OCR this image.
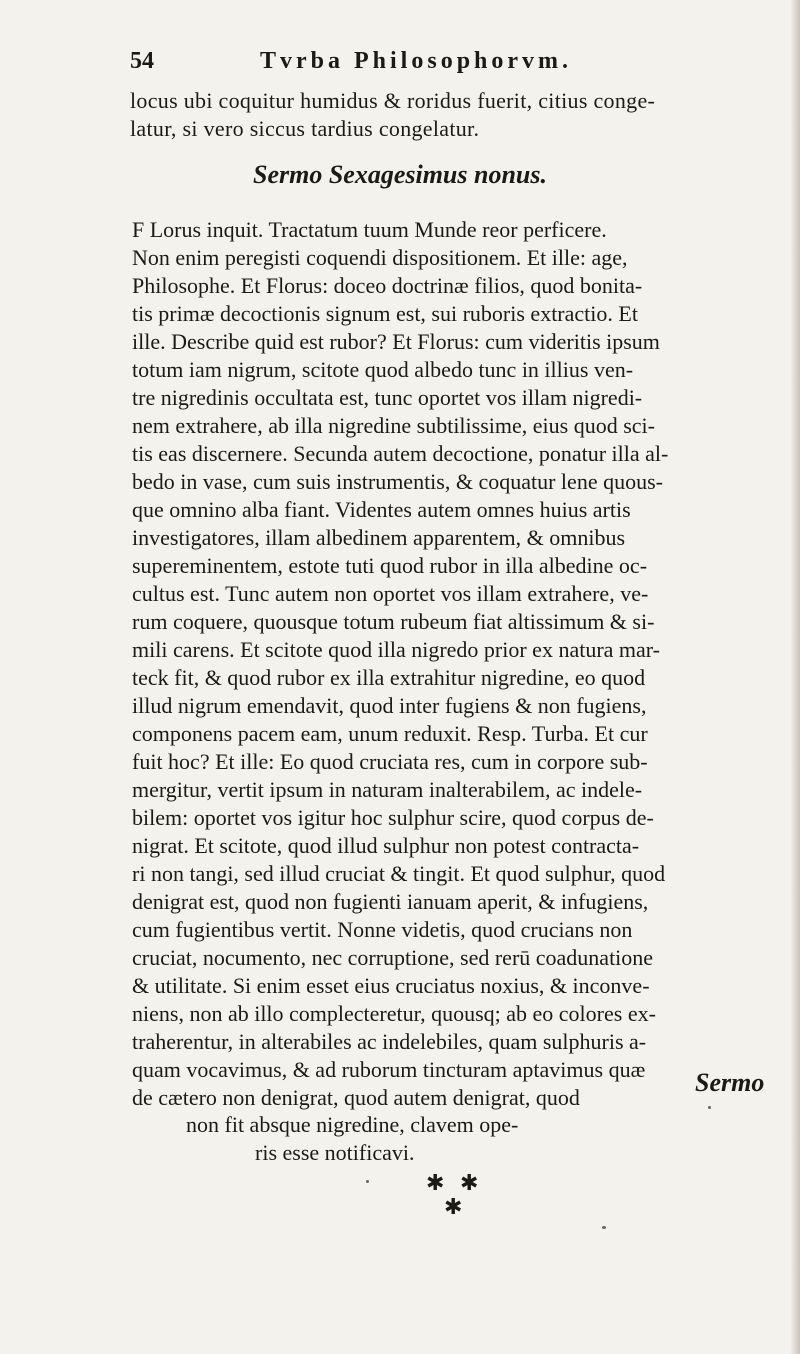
54	Tvrba Philosophorvm.
locus ubi coquitur humidus & roridus fuerit, citius conge-
latur, si vero siccus tardius congelatur.
Sermo Sexagesimus nonus.
F Lorus inquit. Tractatum tuum Munde reor perficere.
Non enim peregisti coquendi dispositionem. Et ille: age,
Philosophe. Et Florus: doceo doctrinæ filios, quod bonita-
tis primæ decoctionis signum est, sui ruboris extractio. Et
ille. Describe quid est rubor? Et Florus: cum videritis ipsum
totum iam nigrum, scitote quod albedo tunc in illius ven-
tre nigredinis occultata est, tunc oportet vos illam nigredi-
nem extrahere, ab illa nigredine subtilissime, eius quod sci-
tis eas discernere. Secunda autem decoctione, ponatur illa al-
bedo in vase, cum suis instrumentis, & coquatur lene quous-
que omnino alba fiant. Videntes autem omnes huius artis
investigatores, illam albedinem apparentem, & omnibus
supereminentem, estote tuti quod rubor in illa albedine oc-
cultus est. Tunc autem non oportet vos illam extrahere, ve-
rum coquere, quousque totum rubeum fiat altissimum & si-
mili carens. Et scitote quod illa nigredo prior ex natura mar-
teck fit, & quod rubor ex illa extrahitur nigredine, eo quod
illud nigrum emendavit, quod inter fugiens & non fugiens,
componens pacem eam, unum reduxit. Resp. Turba. Et cur
fuit hoc? Et ille: Eo quod cruciata res, cum in corpore sub-
mergitur, vertit ipsum in naturam inalterabilem, ac indele-
bilem: oportet vos igitur hoc sulphur scire, quod corpus de-
nigrat. Et scitote, quod illud sulphur non potest contracta-
ri non tangi, sed illud cruciat & tingit. Et quod sulphur, quod
denigrat est, quod non fugienti ianuam aperit, & infugiens,
cum fugientibus vertit. Nonne videtis, quod crucians non
cruciat, nocumento, nec corruptione, sed rerū coadunatione
& utilitate. Si enim esset eius cruciatus noxius, & inconve-
niens, non ab illo complecteretur, quousq; ab eo colores ex-
traherentur, in alterabiles ac indelebiles, quam sulphuris a-
quam vocavimus, & ad ruborum tincturam aptavimus quæ
de cætero non denigrat, quod autem denigrat, quod
non fit absque nigredine, clavem ope-
ris esse notificavi.
✱ ✱
✱
Sermo
